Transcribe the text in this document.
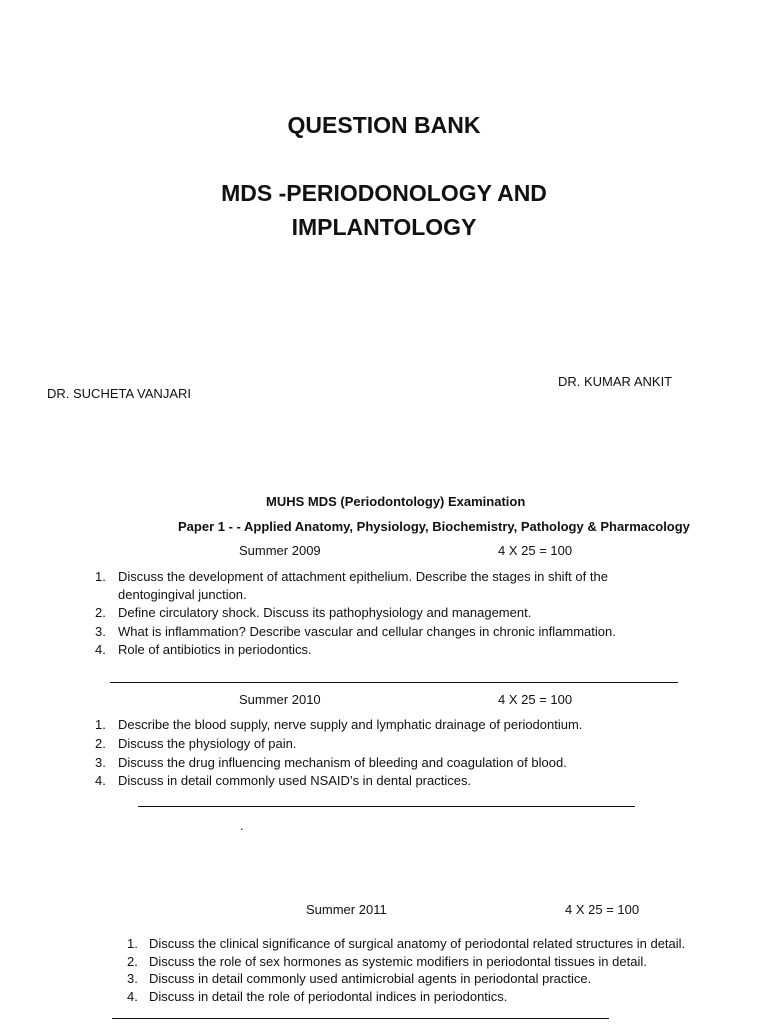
QUESTION BANK
MDS -PERIODONOLOGY AND
IMPLANTOLOGY
DR. KUMAR ANKIT
DR. SUCHETA VANJARI
MUHS MDS (Periodontology) Examination
Paper 1 - - Applied Anatomy, Physiology, Biochemistry, Pathology & Pharmacology
Summer 2009	4 X 25 = 100
1. Discuss the development of attachment epithelium. Describe the stages in shift of the
dentogingival junction.
2. Define circulatory shock. Discuss its pathophysiology and management.
3. What is inflammation? Describe vascular and cellular changes in chronic inflammation.
4. Role of antibiotics in periodontics.
Summer 2010	4 X 25 = 100
1. Describe the blood supply, nerve supply and lymphatic drainage of periodontium.
2. Discuss the physiology of pain.
3. Discuss the drug influencing mechanism of bleeding and coagulation of blood.
4. Discuss in detail commonly used NSAID’s in dental practices.
.
Summer 2011	4 X 25 = 100
1. Discuss the clinical significance of surgical anatomy of periodontal related structures in detail.
2. Discuss the role of sex hormones as systemic modifiers in periodontal tissues in detail.
3. Discuss in detail commonly used antimicrobial agents in periodontal practice.
4. Discuss in detail the role of periodontal indices in periodontics.
